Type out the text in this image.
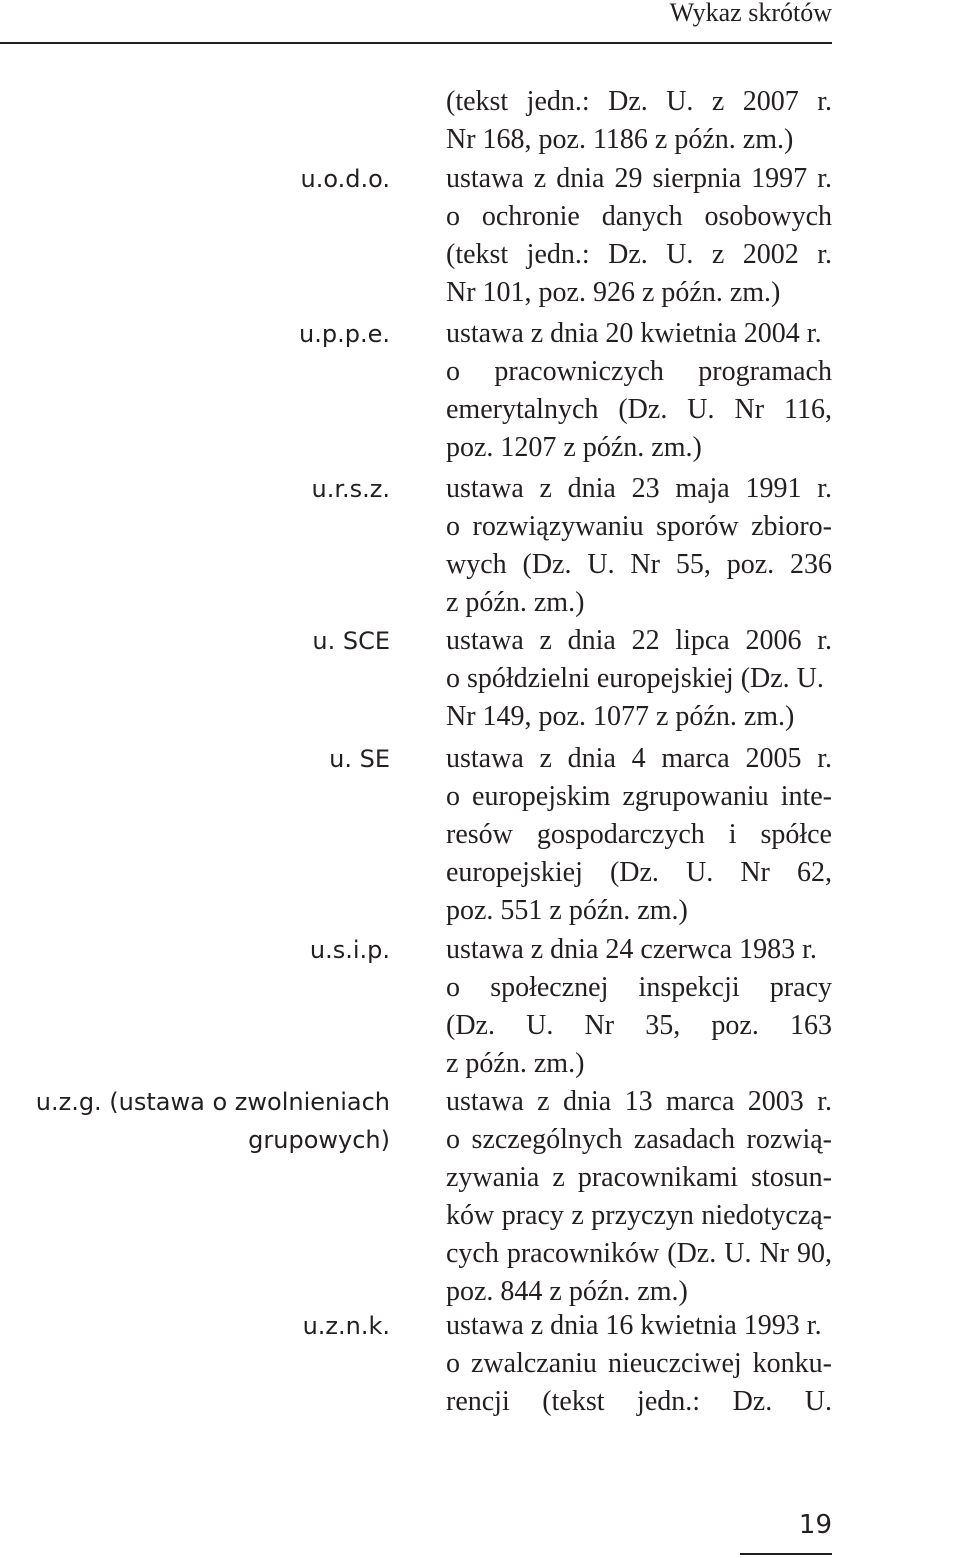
Wykaz skrótów
(tekst jedn.: Dz. U. z 2007 r.
Nr 168, poz. 1186 z późn. zm.)
u.o.d.o. ustawa z dnia 29 sierpnia 1997 r.
o ochronie danych osobowych
(tekst jedn.: Dz. U. z 2002 r.
Nr 101, poz. 926 z późn. zm.)
u.p.p.e. ustawa z dnia 20 kwietnia 2004 r.
o pracowniczych programach
emerytalnych (Dz. U. Nr 116,
poz. 1207 z późn. zm.)
u.r.s.z. ustawa z dnia 23 maja 1991 r.
o rozwiązywaniu sporów zbioro-
wych (Dz. U. Nr 55, poz. 236
z późn. zm.)
u. SCE ustawa z dnia 22 lipca 2006 r.
o spółdzielni europejskiej (Dz. U.
Nr 149, poz. 1077 z późn. zm.)
u. SE ustawa z dnia 4 marca 2005 r.
o europejskim zgrupowaniu inte-
resów gospodarczych i spółce
europejskiej (Dz. U. Nr 62,
poz. 551 z późn. zm.)
u.s.i.p. ustawa z dnia 24 czerwca 1983 r.
o społecznej inspekcji pracy
(Dz. U. Nr 35, poz. 163
z późn. zm.)
u.z.g. (ustawa o zwolnieniach
grupowych)
ustawa z dnia 13 marca 2003 r.
o szczególnych zasadach rozwią-
zywania z pracownikami stosun-
ków pracy z przyczyn niedotyczą-
cych pracowników (Dz. U. Nr 90,
poz. 844 z późn. zm.)
u.z.n.k. ustawa z dnia 16 kwietnia 1993 r.
o zwalczaniu nieuczciwej konku-
rencji (tekst jedn.: Dz. U.
19
